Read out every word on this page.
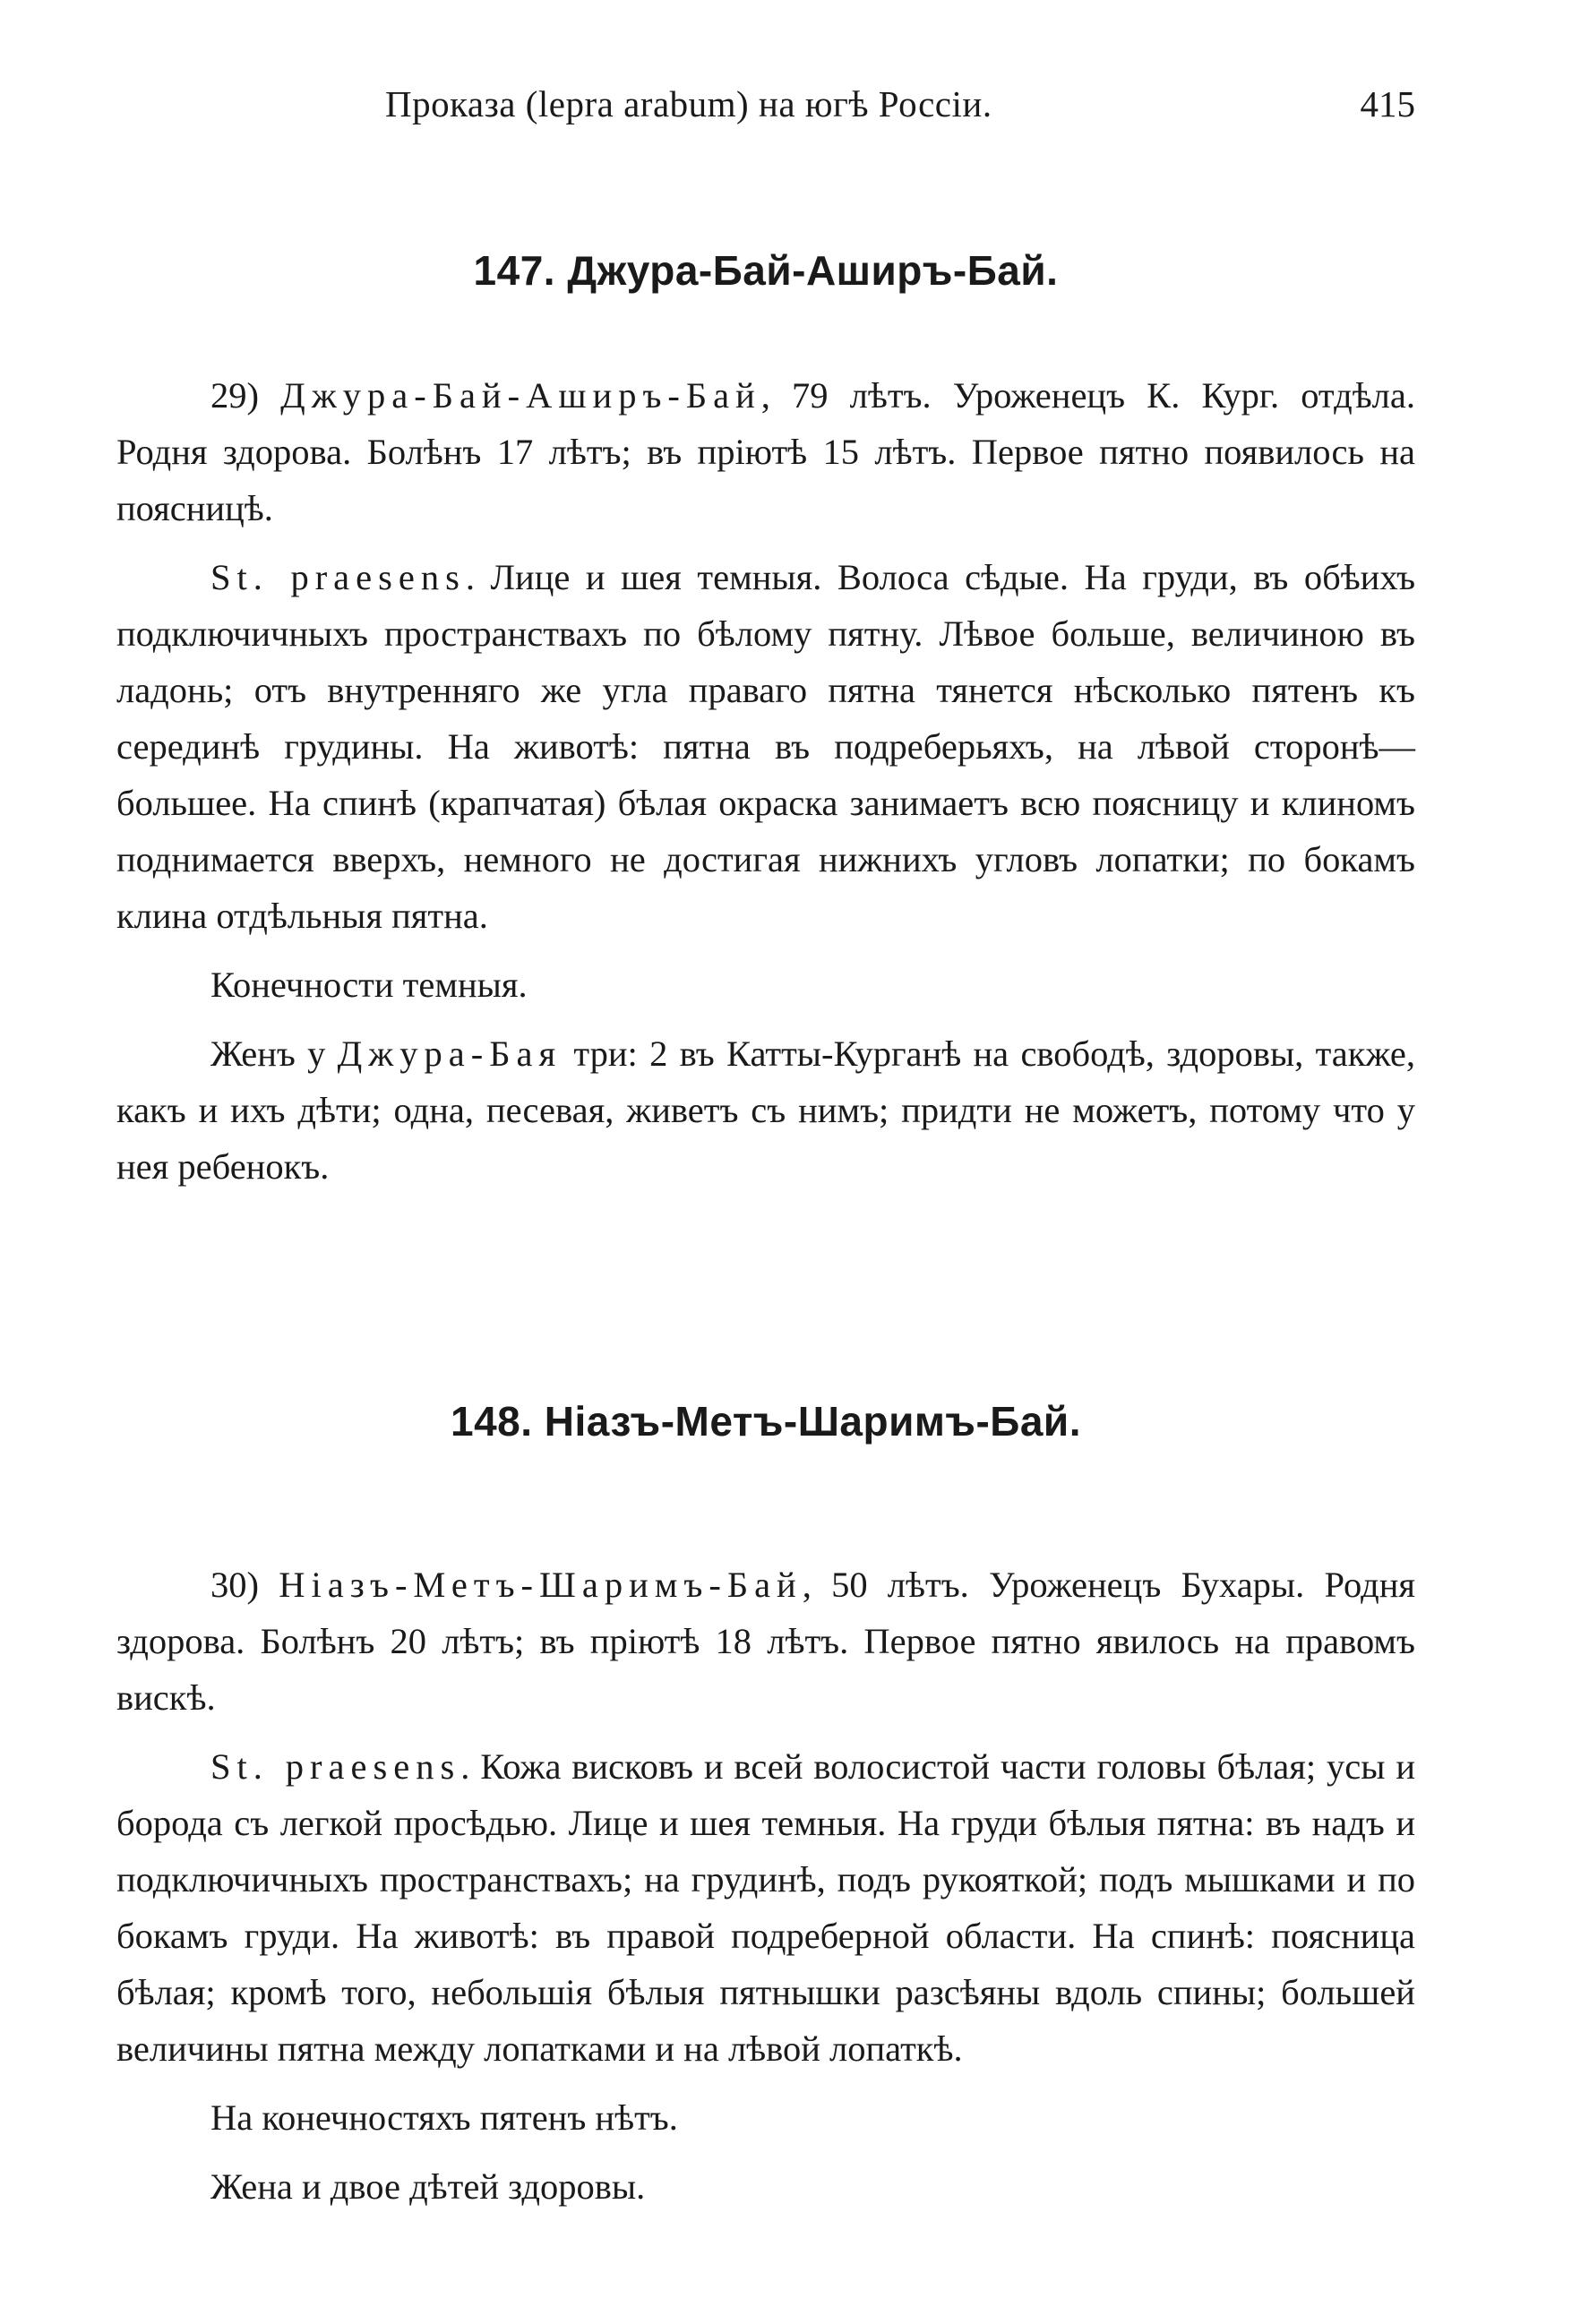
Проказа (lepra arabum) на югѣ Россіи.	415
147. Джура-Бай-Аширъ-Бай.

29) Джура-Бай-Аширъ-Бай, 79 лѣтъ. Уроженецъ К. Кург. отдѣла. Родня здорова. Болѣнъ 17 лѣтъ; въ пріютѣ 15 лѣтъ. Первое пятно появилось на поясницѣ.

St. praesens. Лице и шея темныя. Волоса сѣдые. На груди, въ обѣихъ подключичныхъ пространствахъ по бѣлому пятну. Лѣвое больше, величиною въ ладонь; отъ внутренняго же угла праваго пятна тянется нѣсколько пятенъ къ серединѣ грудины. На животѣ: пятна въ подреберьяхъ, на лѣвой сторонѣ—большее. На спинѣ (крапчатая) бѣлая окраска занимаетъ всю поясницу и клиномъ поднимается вверхъ, немного не достигая нижнихъ угловъ лопатки; по бокамъ клина отдѣльныя пятна.

Конечности темныя.

Женъ у Джура-Бая три: 2 въ Катты-Курганѣ на свободѣ, здоровы, также, какъ и ихъ дѣти; одна, песевая, живетъ съ нимъ; придти не можетъ, потому что у нея ребенокъ.

148. Ніазъ-Метъ-Шаримъ-Бай.

30) Ніазъ-Метъ-Шаримъ-Бай, 50 лѣтъ. Уроженецъ Бухары. Родня здорова. Болѣнъ 20 лѣтъ; въ пріютѣ 18 лѣтъ. Первое пятно явилось на правомъ вискѣ.

St. praesens. Кожа висковъ и всей волосистой части головы бѣлая; усы и борода съ легкой просѣдью. Лице и шея темныя. На груди бѣлыя пятна: въ надъ и подключичныхъ пространствахъ; на грудинѣ, подъ рукояткой; подъ мышками и по бокамъ груди. На животѣ: въ правой подреберной области. На спинѣ: поясница бѣлая; кромѣ того, небольшія бѣлыя пятнышки разсѣяны вдоль спины; большей величины пятна между лопатками и на лѣвой лопаткѣ.

На конечностяхъ пятенъ нѣтъ.

Жена и двое дѣтей здоровы.
